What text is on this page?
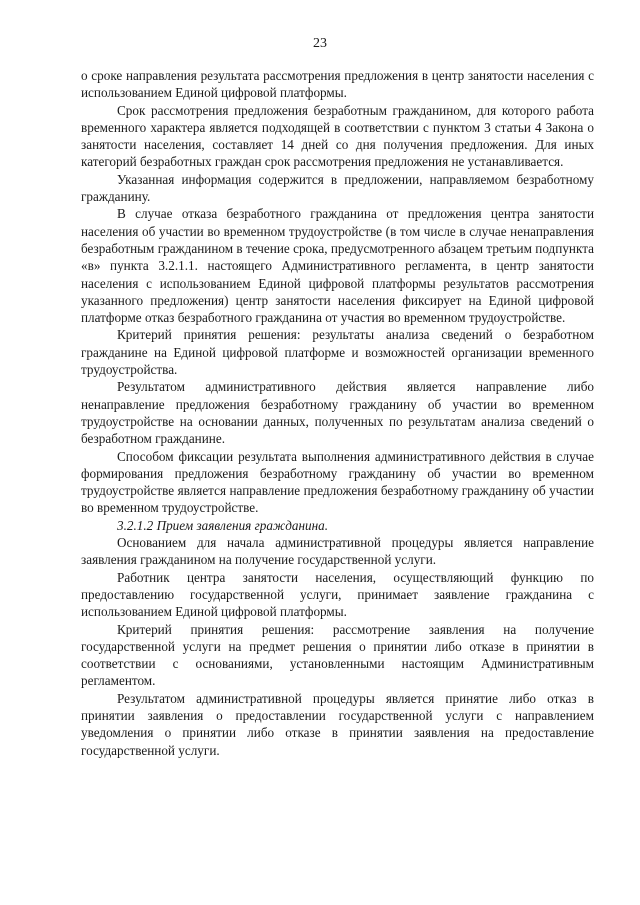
23

о сроке направления результата рассмотрения предложения в центр занятости населения с использованием Единой цифровой платформы.

Срок рассмотрения предложения безработным гражданином, для которого работа временного характера является подходящей в соответствии с пунктом 3 статьи 4 Закона о занятости населения, составляет 14 дней со дня получения предложения. Для иных категорий безработных граждан срок рассмотрения предложения не устанавливается.

Указанная информация содержится в предложении, направляемом безработному гражданину.

В случае отказа безработного гражданина от предложения центра занятости населения об участии во временном трудоустройстве (в том числе в случае ненаправления безработным гражданином в течение срока, предусмотренного абзацем третьим подпункта «в» пункта 3.2.1.1. настоящего Административного регламента, в центр занятости населения с использованием Единой цифровой платформы результатов рассмотрения указанного предложения) центр занятости населения фиксирует на Единой цифровой платформе отказ безработного гражданина от участия во временном трудоустройстве.

Критерий принятия решения: результаты анализа сведений о безработном гражданине на Единой цифровой платформе и возможностей организации временного трудоустройства.

Результатом административного действия является направление либо ненаправление предложения безработному гражданину об участии во временном трудоустройстве на основании данных, полученных по результатам анализа сведений о безработном гражданине.

Способом фиксации результата выполнения административного действия в случае формирования предложения безработному гражданину об участии во временном трудоустройстве является направление предложения безработному гражданину об участии во временном трудоустройстве.

3.2.1.2 Прием заявления гражданина.

Основанием для начала административной процедуры является направление заявления гражданином на получение государственной услуги.

Работник центра занятости населения, осуществляющий функцию по предоставлению государственной услуги, принимает заявление гражданина с использованием Единой цифровой платформы.

Критерий принятия решения: рассмотрение заявления на получение государственной услуги на предмет решения о принятии либо отказе в принятии в соответствии с основаниями, установленными настоящим Административным регламентом.

Результатом административной процедуры является принятие либо отказ в принятии заявления о предоставлении государственной услуги с направлением уведомления о принятии либо отказе в принятии заявления на предоставление государственной услуги.
